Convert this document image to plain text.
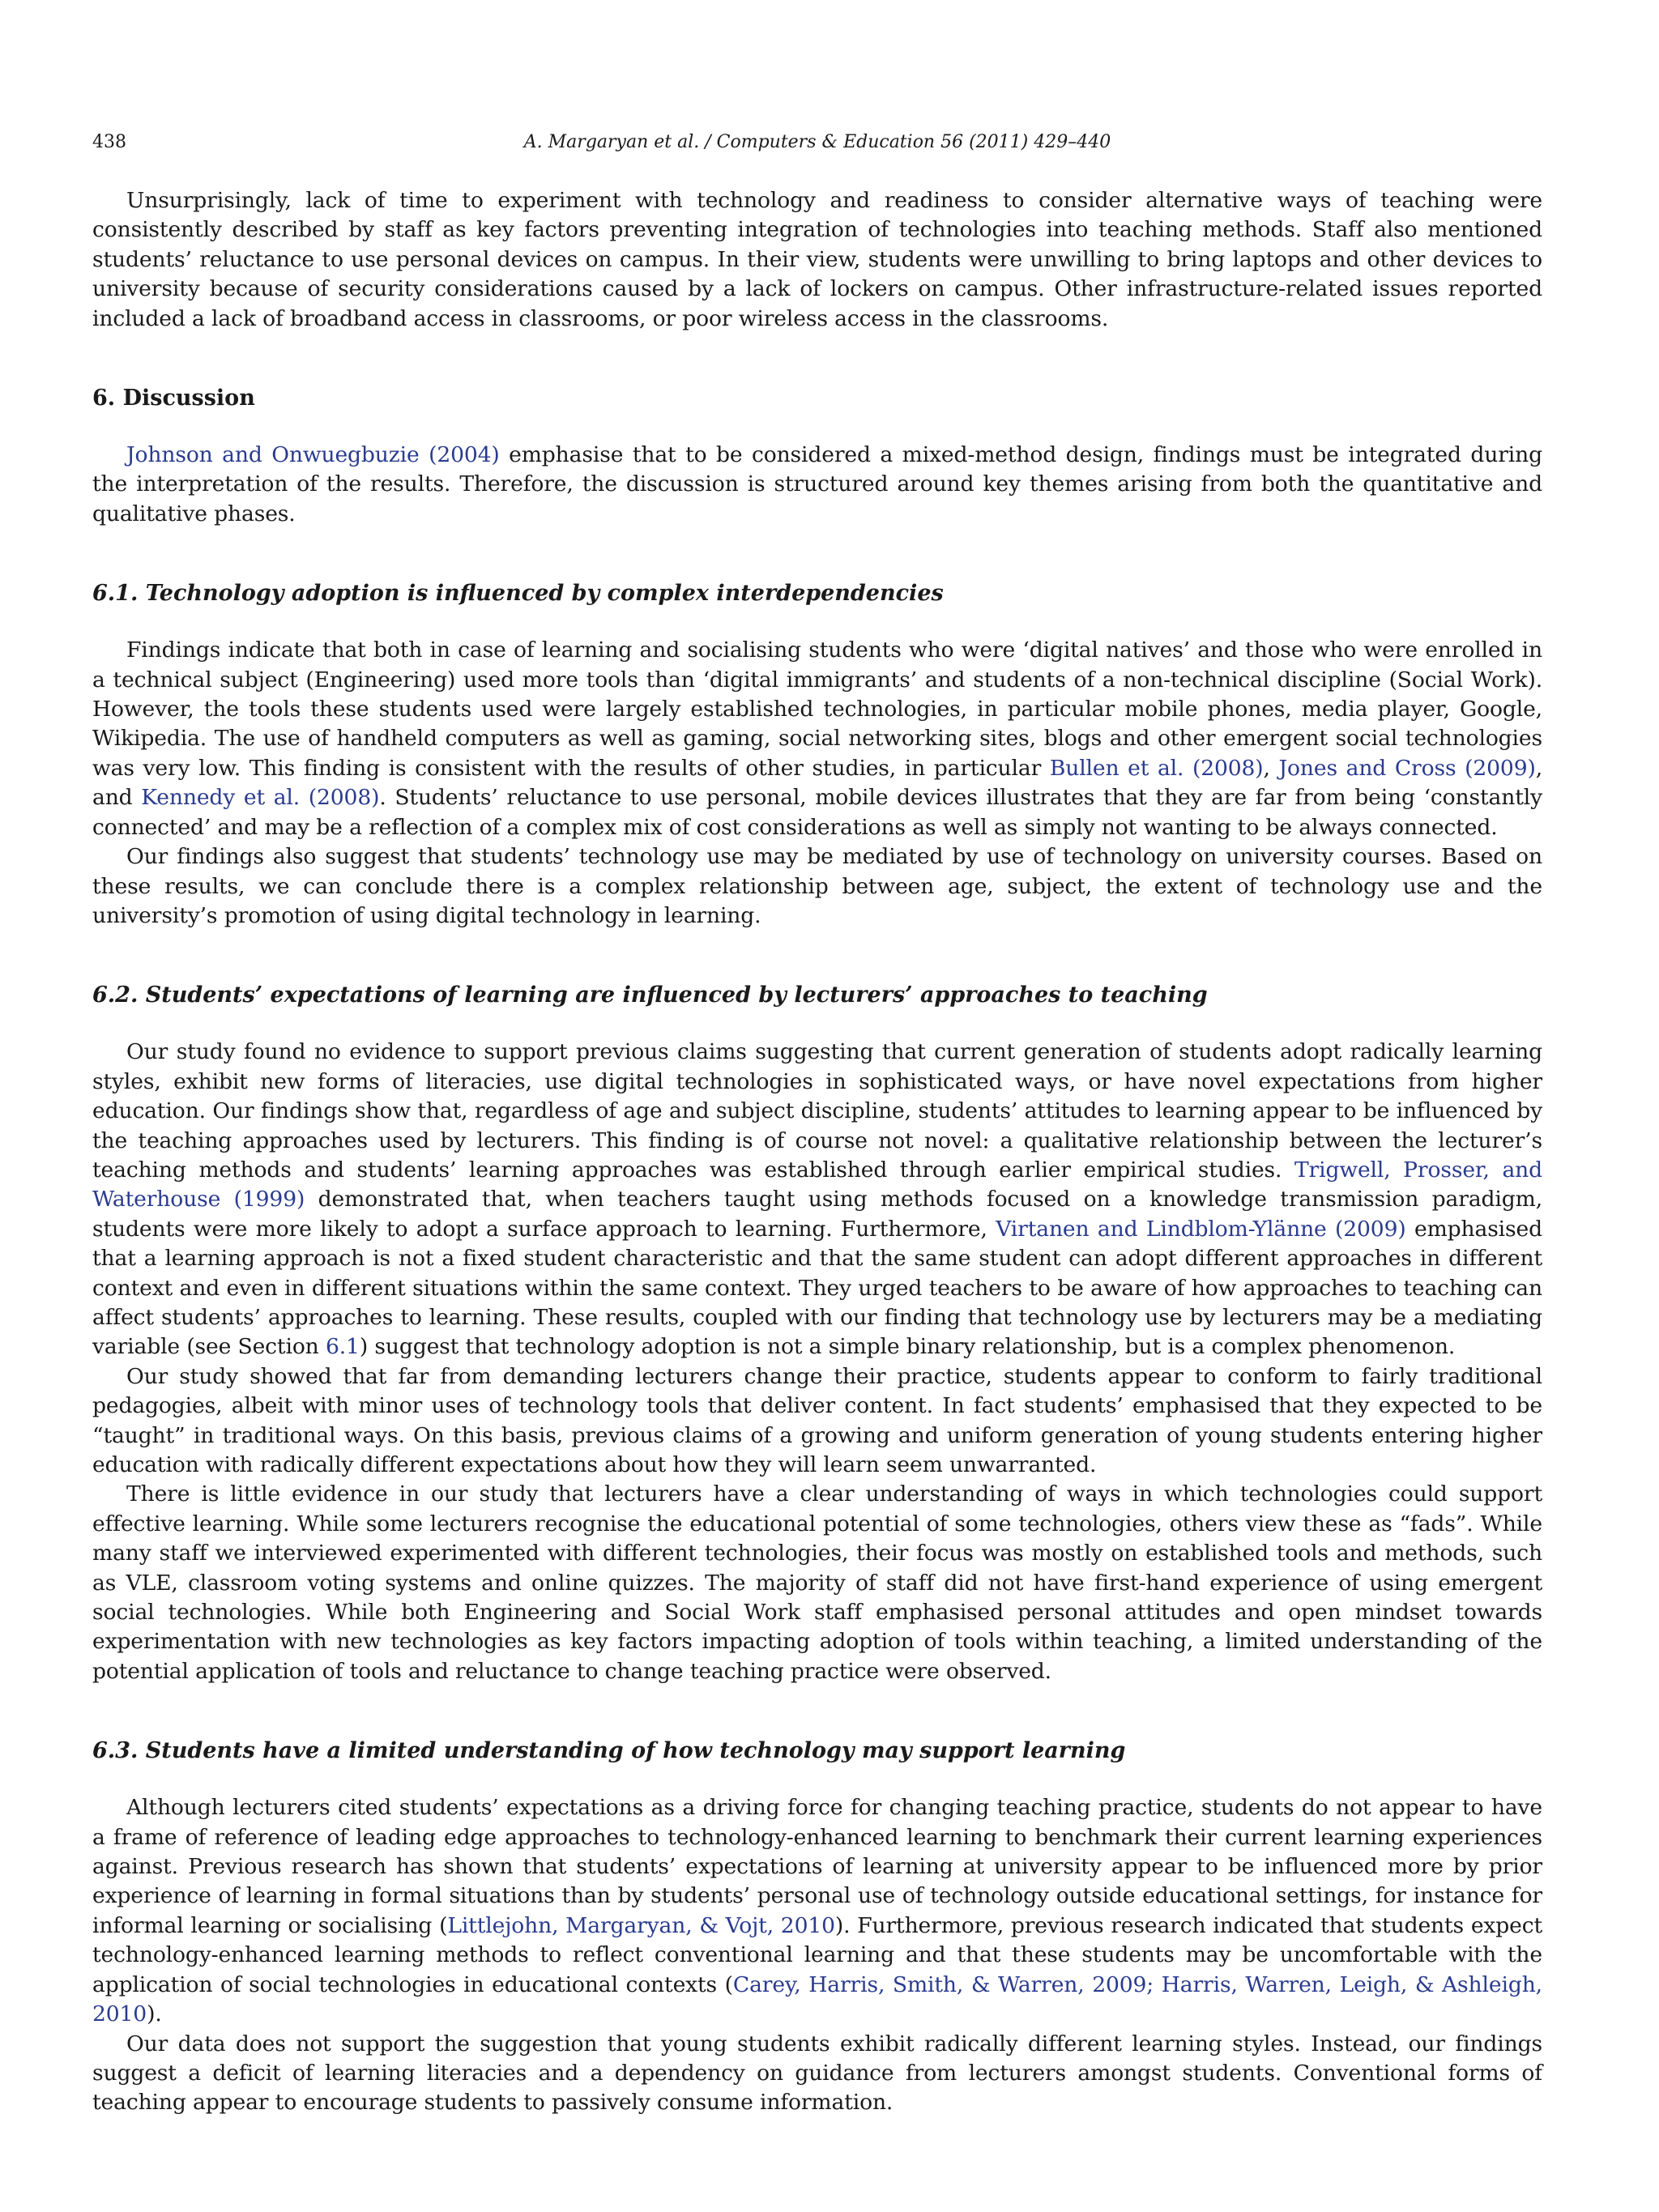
438	A. Margaryan et al. / Computers & Education 56 (2011) 429–440

Unsurprisingly, lack of time to experiment with technology and readiness to consider alternative ways of teaching were consistently described by staff as key factors preventing integration of technologies into teaching methods. Staff also mentioned students’ reluctance to use personal devices on campus. In their view, students were unwilling to bring laptops and other devices to university because of security considerations caused by a lack of lockers on campus. Other infrastructure-related issues reported included a lack of broadband access in classrooms, or poor wireless access in the classrooms.

6. Discussion

Johnson and Onwuegbuzie (2004) emphasise that to be considered a mixed-method design, findings must be integrated during the interpretation of the results. Therefore, the discussion is structured around key themes arising from both the quantitative and qualitative phases.

6.1. Technology adoption is influenced by complex interdependencies

Findings indicate that both in case of learning and socialising students who were ‘digital natives’ and those who were enrolled in a technical subject (Engineering) used more tools than ‘digital immigrants’ and students of a non-technical discipline (Social Work). However, the tools these students used were largely established technologies, in particular mobile phones, media player, Google, Wikipedia. The use of handheld computers as well as gaming, social networking sites, blogs and other emergent social technologies was very low. This finding is consistent with the results of other studies, in particular Bullen et al. (2008), Jones and Cross (2009), and Kennedy et al. (2008). Students’ reluctance to use personal, mobile devices illustrates that they are far from being ‘constantly connected’ and may be a reflection of a complex mix of cost considerations as well as simply not wanting to be always connected.

Our findings also suggest that students’ technology use may be mediated by use of technology on university courses. Based on these results, we can conclude there is a complex relationship between age, subject, the extent of technology use and the university’s promotion of using digital technology in learning.

6.2. Students’ expectations of learning are influenced by lecturers’ approaches to teaching

Our study found no evidence to support previous claims suggesting that current generation of students adopt radically learning styles, exhibit new forms of literacies, use digital technologies in sophisticated ways, or have novel expectations from higher education. Our findings show that, regardless of age and subject discipline, students’ attitudes to learning appear to be influenced by the teaching approaches used by lecturers. This finding is of course not novel: a qualitative relationship between the lecturer’s teaching methods and students’ learning approaches was established through earlier empirical studies. Trigwell, Prosser, and Waterhouse (1999) demonstrated that, when teachers taught using methods focused on a knowledge transmission paradigm, students were more likely to adopt a surface approach to learning. Furthermore, Virtanen and Lindblom-Ylänne (2009) emphasised that a learning approach is not a fixed student characteristic and that the same student can adopt different approaches in different context and even in different situations within the same context. They urged teachers to be aware of how approaches to teaching can affect students’ approaches to learning. These results, coupled with our finding that technology use by lecturers may be a mediating variable (see Section 6.1) suggest that technology adoption is not a simple binary relationship, but is a complex phenomenon.

Our study showed that far from demanding lecturers change their practice, students appear to conform to fairly traditional pedagogies, albeit with minor uses of technology tools that deliver content. In fact students’ emphasised that they expected to be “taught” in traditional ways. On this basis, previous claims of a growing and uniform generation of young students entering higher education with radically different expectations about how they will learn seem unwarranted.

There is little evidence in our study that lecturers have a clear understanding of ways in which technologies could support effective learning. While some lecturers recognise the educational potential of some technologies, others view these as “fads”. While many staff we interviewed experimented with different technologies, their focus was mostly on established tools and methods, such as VLE, classroom voting systems and online quizzes. The majority of staff did not have first-hand experience of using emergent social technologies. While both Engineering and Social Work staff emphasised personal attitudes and open mindset towards experimentation with new technologies as key factors impacting adoption of tools within teaching, a limited understanding of the potential application of tools and reluctance to change teaching practice were observed.

6.3. Students have a limited understanding of how technology may support learning

Although lecturers cited students’ expectations as a driving force for changing teaching practice, students do not appear to have a frame of reference of leading edge approaches to technology-enhanced learning to benchmark their current learning experiences against. Previous research has shown that students’ expectations of learning at university appear to be influenced more by prior experience of learning in formal situations than by students’ personal use of technology outside educational settings, for instance for informal learning or socialising (Littlejohn, Margaryan, & Vojt, 2010). Furthermore, previous research indicated that students expect technology-enhanced learning methods to reflect conventional learning and that these students may be uncomfortable with the application of social technologies in educational contexts (Carey, Harris, Smith, & Warren, 2009; Harris, Warren, Leigh, & Ashleigh, 2010).

Our data does not support the suggestion that young students exhibit radically different learning styles. Instead, our findings suggest a deficit of learning literacies and a dependency on guidance from lecturers amongst students. Conventional forms of teaching appear to encourage students to passively consume information.
